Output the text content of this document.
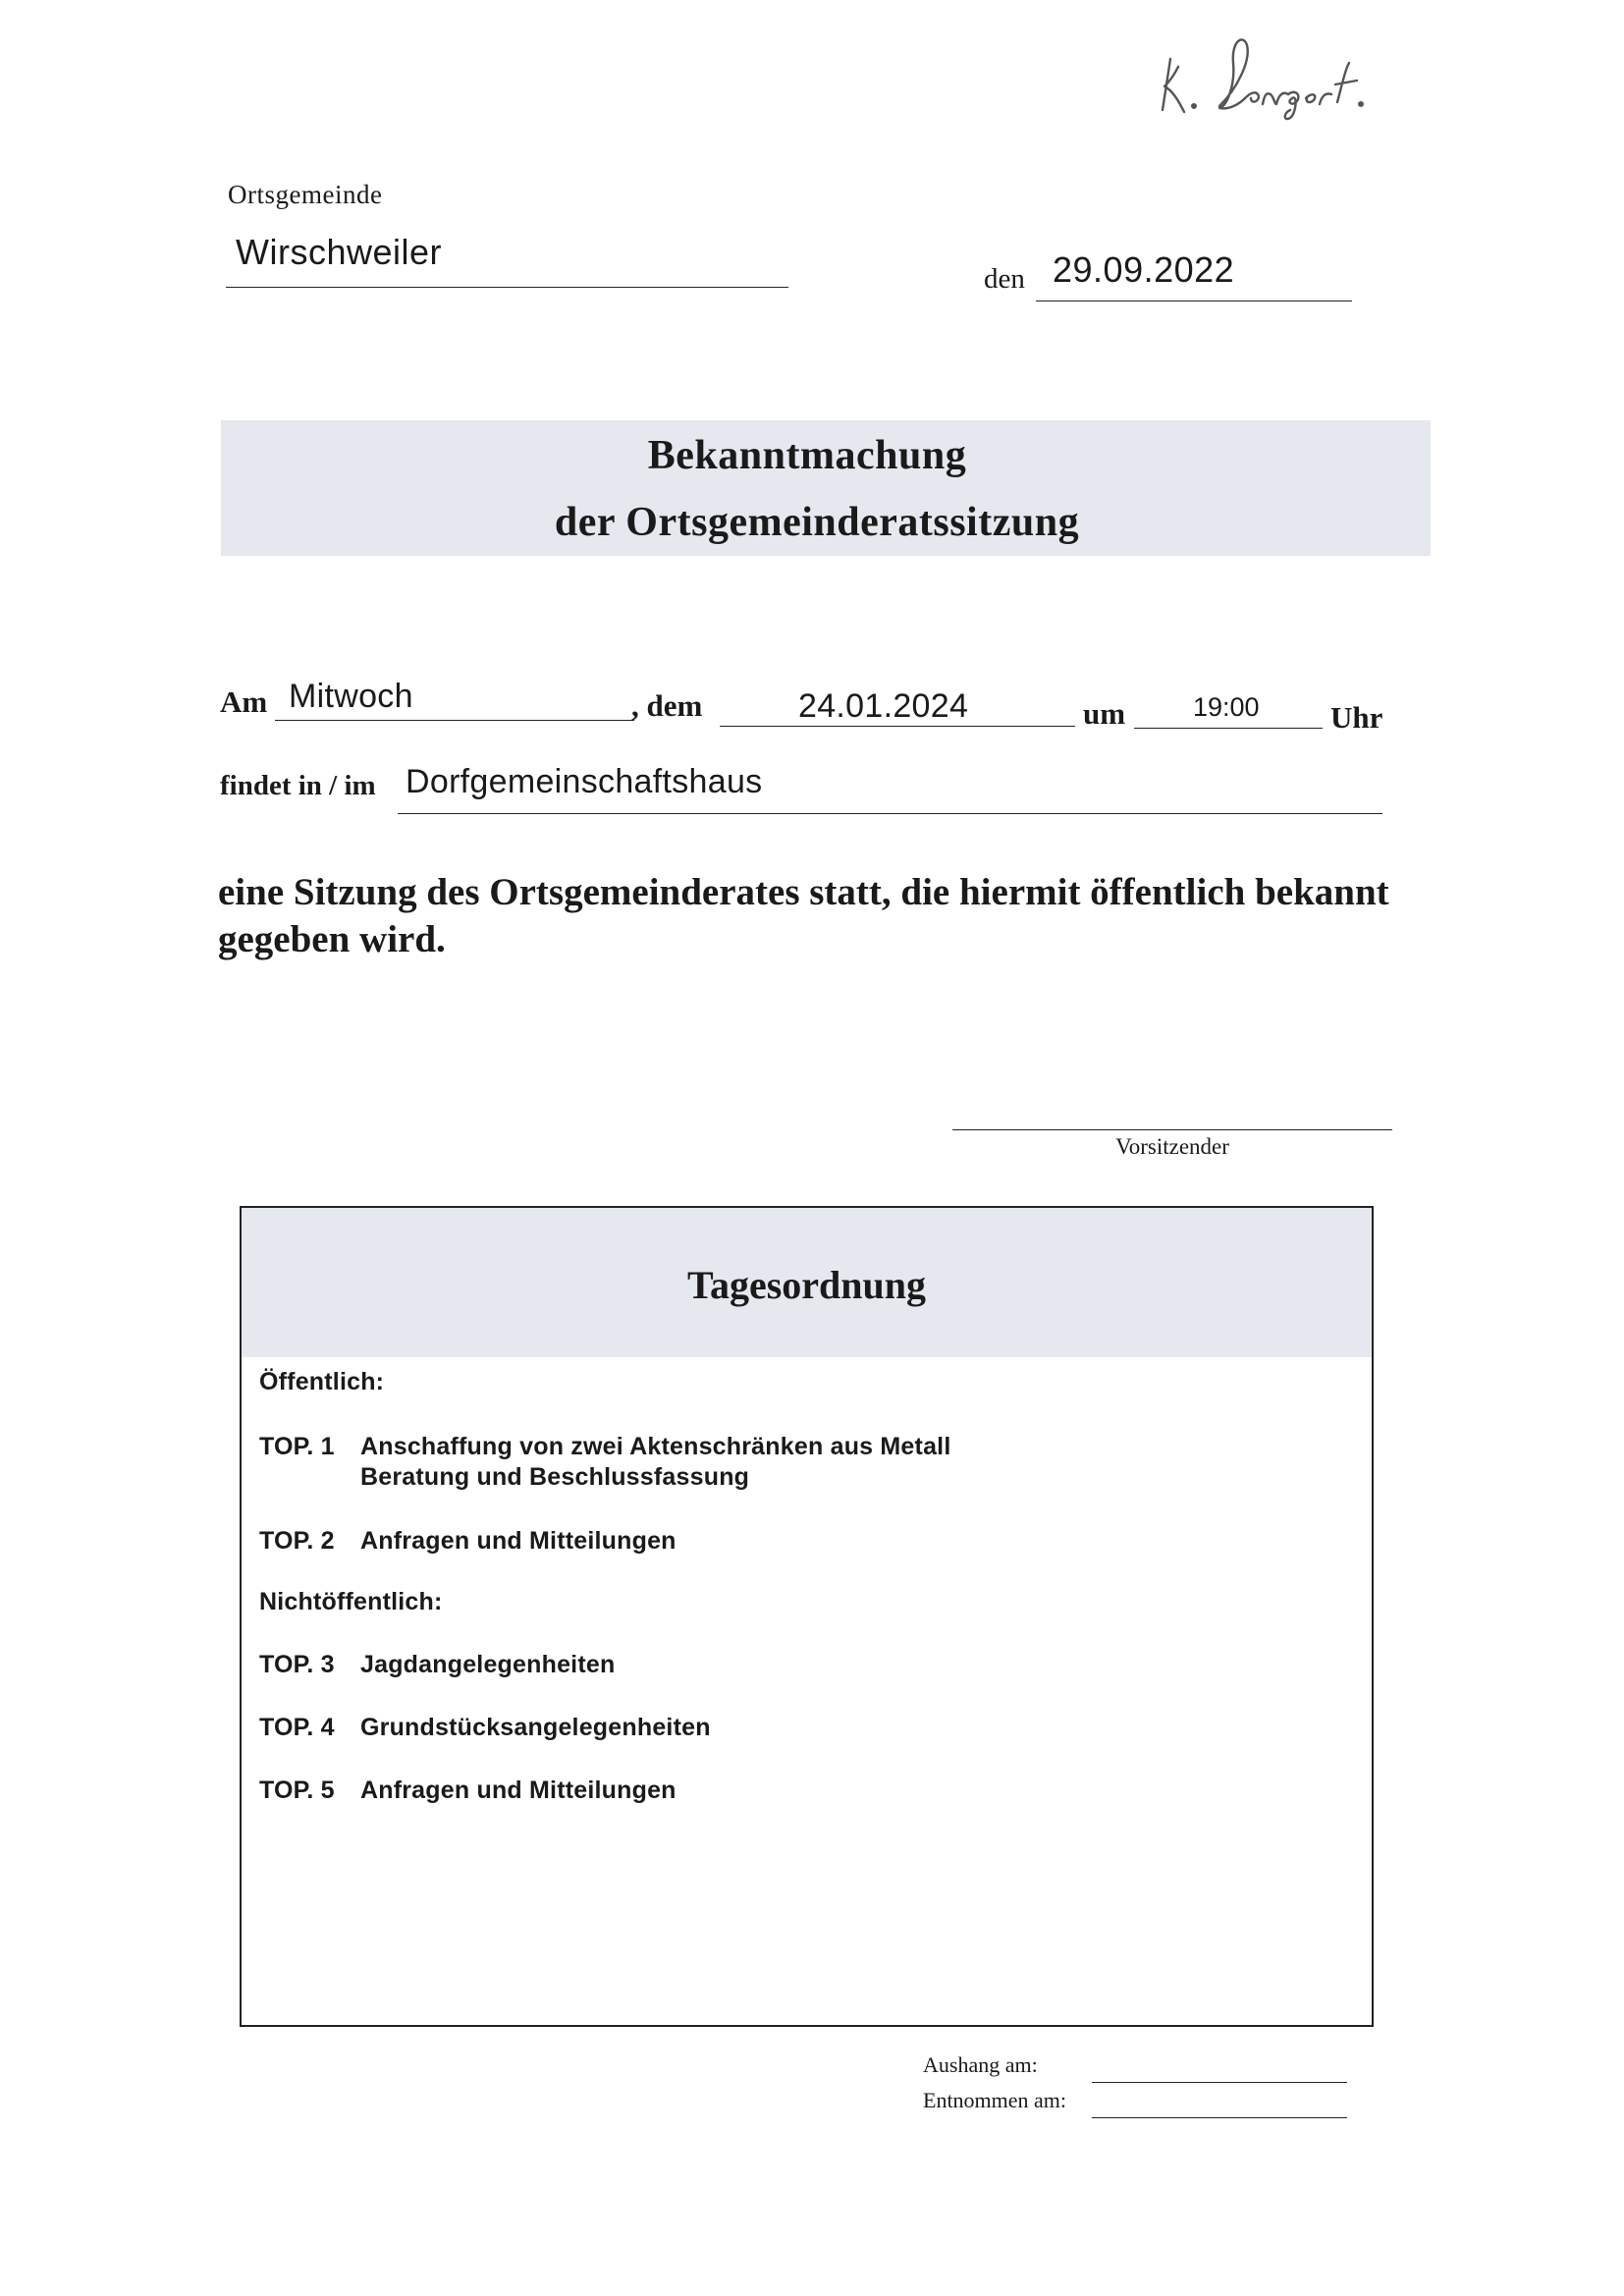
Ortsgemeinde
Wirschweiler
den 29.09.2022
Bekanntmachung
der Ortsgemeinderatssitzung
Am Mitwoch	, dem	24.01.2024	um	19:00 Uhr
findet in / im Dorfgemeinschaftshaus
eine Sitzung des Ortsgemeinderates statt, die hiermit öffentlich bekannt gegeben wird.
Vorsitzender
Tagesordnung
Öffentlich:
TOP. 1 Anschaffung von zwei Aktenschränken aus Metall
Beratung und Beschlussfassung
TOP. 2 Anfragen und Mitteilungen
Nichtöffentlich:
TOP. 3 Jagdangelegenheiten
TOP. 4 Grundstücksangelegenheiten
TOP. 5 Anfragen und Mitteilungen
Aushang am:
Entnommen am:
